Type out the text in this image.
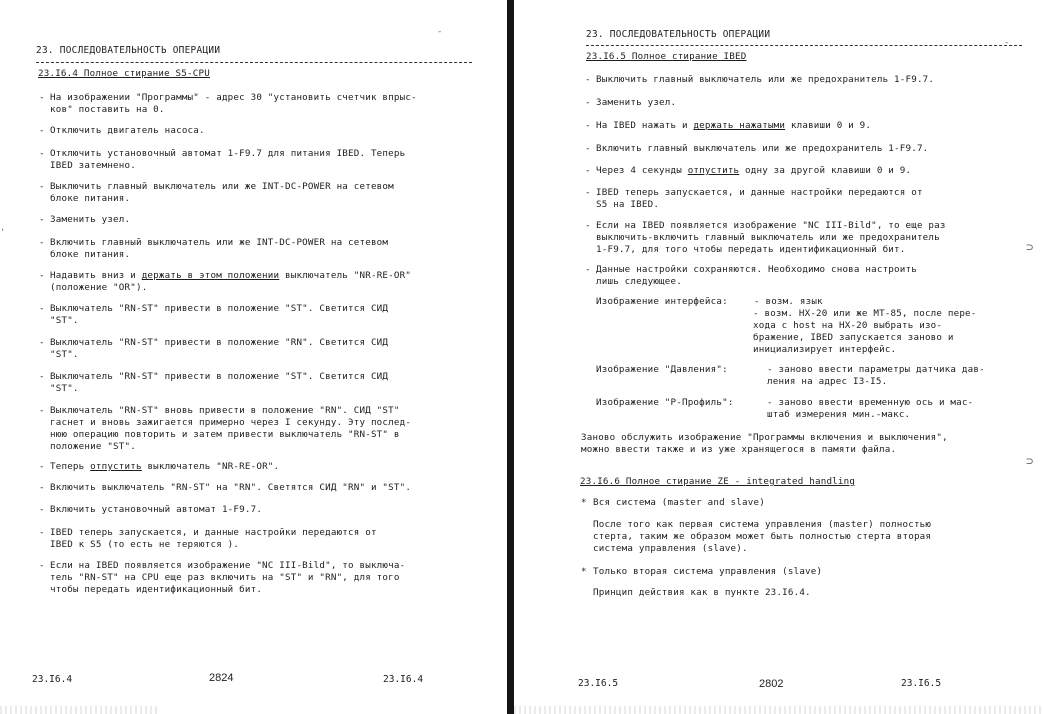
23. ПОСЛЕДОВАТЕЛЬНОСТЬ ОПЕРАЦИИ
23.I6.4 Полное стирание S5-CPU
- На изображении "Программы" - адрес 30 "установить счетчик впрыс-
ков" поставить на 0.
- Отключить двигатель насоса.
- Отключить установочный автомат 1-F9.7 для питания IBED. Теперь
IBED затемнено.
- Выключить главный выключатель или же INT-DC-POWER на сетевом
блоке питания.
- Заменить узел.
- Включить главный выключатель или же INT-DC-POWER на сетевом
блоке питания.
- Надавить вниз и держать в этом положении выключатель "NR-RE-OR"
(положение "OR").
- Выключатель "RN-ST" привести в положение "ST". Светится СИД
"ST".
- Выключатель "RN-ST" привести в положение "RN". Светится СИД
"ST".
- Выключатель "RN-ST" привести в положение "ST". Светится СИД
"ST".
- Выключатель "RN-ST" вновь привести в положение "RN". СИД "ST"
гаснет и вновь зажигается примерно через I секунду. Эту послед-
нюю операцию повторить и затем привести выключатель "RN-ST" в
положение "ST".
- Теперь отпустить выключатель "NR-RE-OR".
- Включить выключатель "RN-ST" на "RN". Светятся СИД "RN" и "ST".
- Включить установочный автомат 1-F9.7.
- IBED теперь запускается, и данные настройки передаются от
IBED к S5 (то есть не теряются ).
- Если на IBED появляется изображение "NC III-Bild", то выключа-
тель "RN-ST" на CPU еще раз включить на "ST" и "RN", для того
чтобы передать идентификационный бит.
23.I6.4	2824	23.I6.4
-
'
23. ПОСЛЕДОВАТЕЛЬНОСТЬ ОПЕРАЦИИ
23.I6.5 Полное стирание IBED
- Выключить главный выключатель или же предохранитель 1-F9.7.
- Заменить узел.
- На IBED нажать и держать нажатыми клавиши 0 и 9.
- Включить главный выключатель или же предохранитель 1-F9.7.
- Через 4 секунды отпустить одну за другой клавиши 0 и 9.
- IBED теперь запускается, и данные настройки передаются от
S5 на IBED.
- Если на IBED появляется изображение "NC III-Bild", то еще раз
выключить-включить главный выключатель или же предохранитель
1-F9.7, для того чтобы передать идентификационный бит.
- Данные настройки сохраняются. Необходимо снова настроить
лишь следующее.
Изображение интерфейса:	- возм. язык
- возм. HX-20 или же MT-85, после пере-
хода с host на HX-20 выбрать изо-
бражение, IBED запускается заново и
инициализирует интерфейс.
Изображение "Давления":	- заново ввести параметры датчика дав-
ления на адрес I3-I5.
Изображение "P-Профиль":	- заново ввести временную ось и мас-
штаб измерения мин.-макс.
Заново обслужить изображение "Программы включения и выключения",
можно ввести также и из уже хранящегося в памяти файла.
23.I6.6 Полное стирание ZE - integrated handling
* Вся система (master and slave)
После того как первая система управления (master) полностью
стерта, таким же образом может быть полностью стерта вторая
система управления (slave).
* Только вторая система управления (slave)
Принцип действия как в пункте 23.I6.4.
23.I6.5	2802	23.I6.5
⊃
⊃
-
